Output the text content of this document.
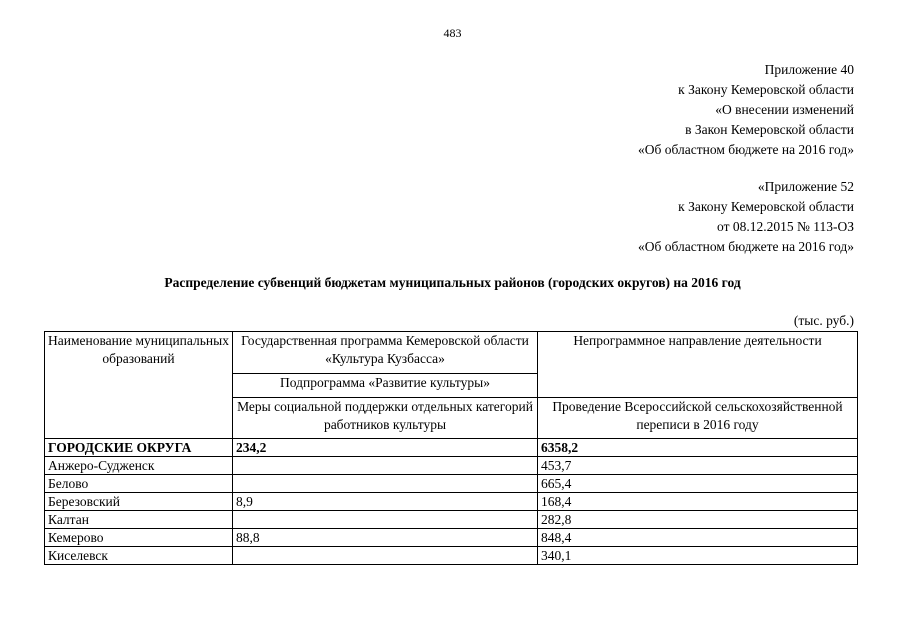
483
Приложение 40
к Закону Кемеровской области
«О внесении изменений
в Закон Кемеровской области
«Об областном бюджете на 2016 год»
«Приложение 52
к Закону Кемеровской области
от 08.12.2015 № 113-ОЗ
«Об областном бюджете на 2016 год»
Распределение субвенций бюджетам муниципальных районов (городских округов) на 2016 год
(тыс. руб.)
Наименование муниципальных образований	Государственная программа Кемеровской области «Культура Кузбасса»	Непрограммное направление деятельности
	Подпрограмма «Развитие культуры»	
	Меры социальной поддержки отдельных категорий работников культуры	Проведение Всероссийской сельскохозяйственной переписи в 2016 году
ГОРОДСКИЕ ОКРУГА	234,2	6358,2
Анжеро-Судженск		453,7
Белово		665,4
Березовский	8,9	168,4
Калтан		282,8
Кемерово	88,8	848,4
Киселевск		340,1
